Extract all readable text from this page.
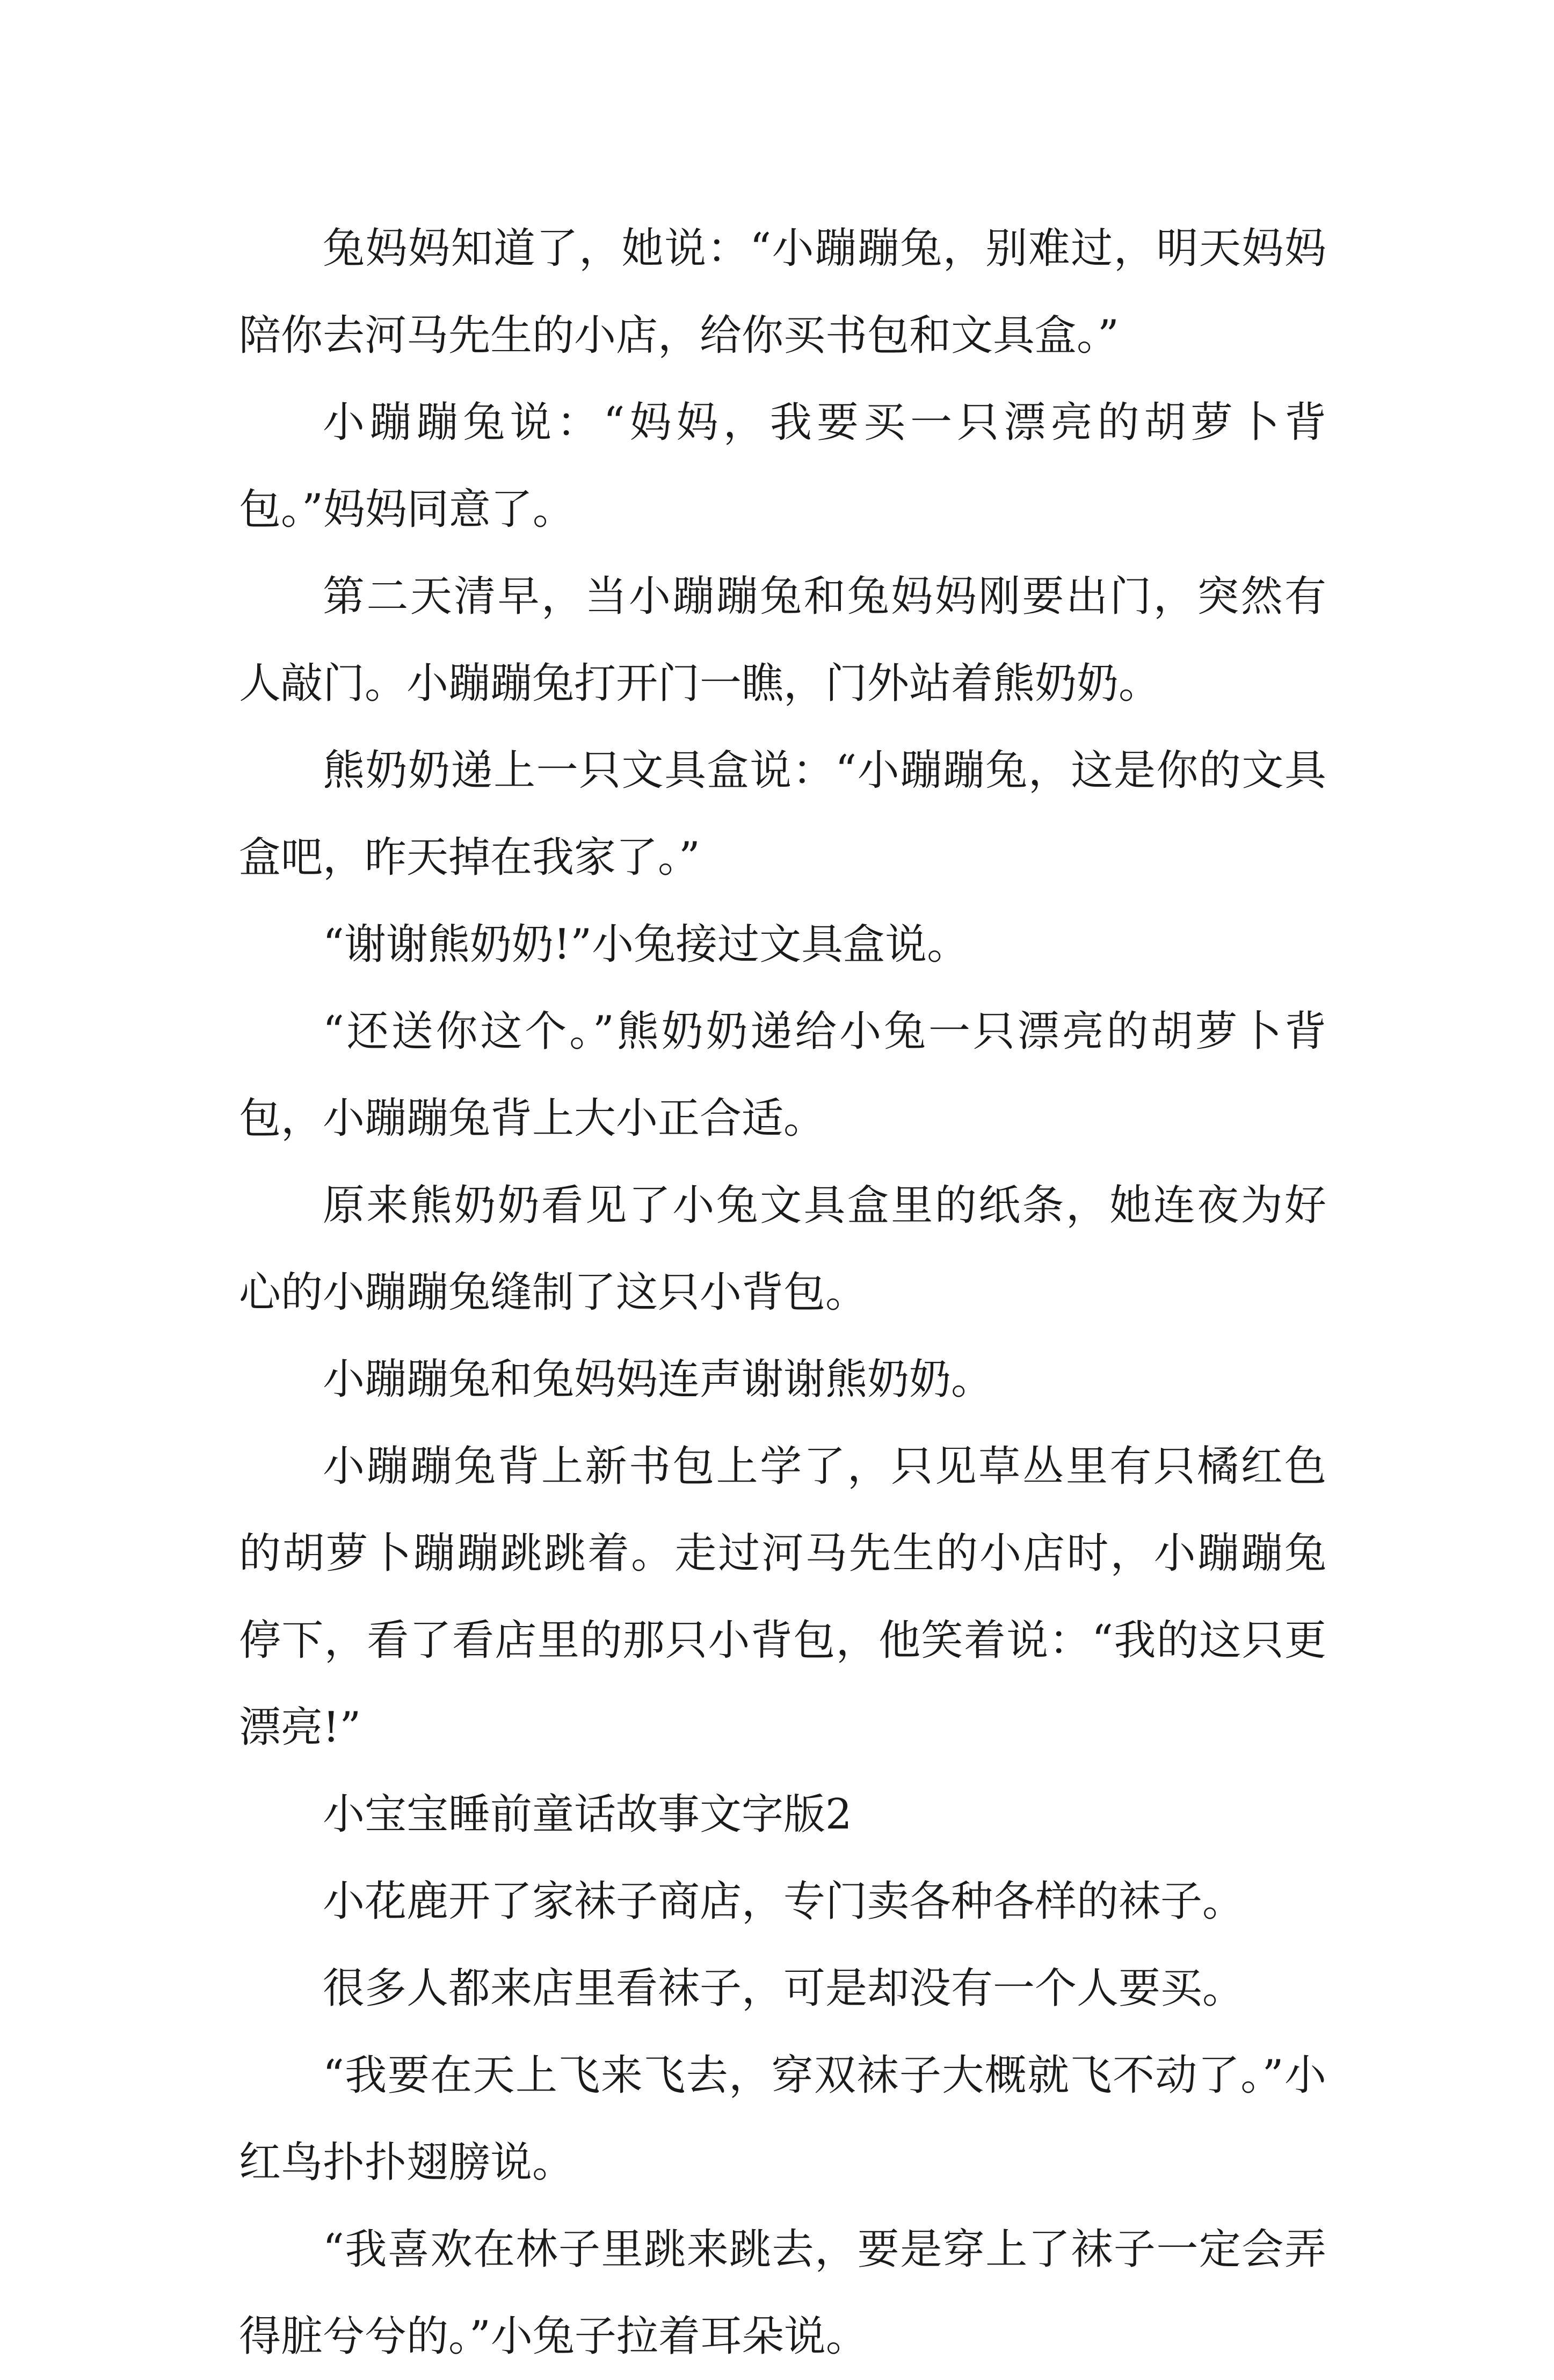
兔妈妈知道了，她说：“小蹦蹦兔，别难过，明天妈妈陪你去河马先生的小店，给你买书包和文具盒。”

小蹦蹦兔说：“妈妈，我要买一只漂亮的胡萝卜背包。”妈妈同意了。

第二天清早，当小蹦蹦兔和兔妈妈刚要出门，突然有人敲门。小蹦蹦兔打开门一瞧，门外站着熊奶奶。

熊奶奶递上一只文具盒说：“小蹦蹦兔，这是你的文具盒吧，昨天掉在我家了。”

“谢谢熊奶奶!”小兔接过文具盒说。

“还送你这个。”熊奶奶递给小兔一只漂亮的胡萝卜背包，小蹦蹦兔背上大小正合适。

原来熊奶奶看见了小兔文具盒里的纸条，她连夜为好心的小蹦蹦兔缝制了这只小背包。

小蹦蹦兔和兔妈妈连声谢谢熊奶奶。

小蹦蹦兔背上新书包上学了，只见草丛里有只橘红色的胡萝卜蹦蹦跳跳着。走过河马先生的小店时，小蹦蹦兔停下，看了看店里的那只小背包，他笑着说：“我的这只更漂亮!”

小宝宝睡前童话故事文字版2

小花鹿开了家袜子商店，专门卖各种各样的袜子。

很多人都来店里看袜子，可是却没有一个人要买。

“我要在天上飞来飞去，穿双袜子大概就飞不动了。”小红鸟扑扑翅膀说。

“我喜欢在林子里跳来跳去，要是穿上了袜子一定会弄得脏兮兮的。”小兔子拉着耳朵说。
